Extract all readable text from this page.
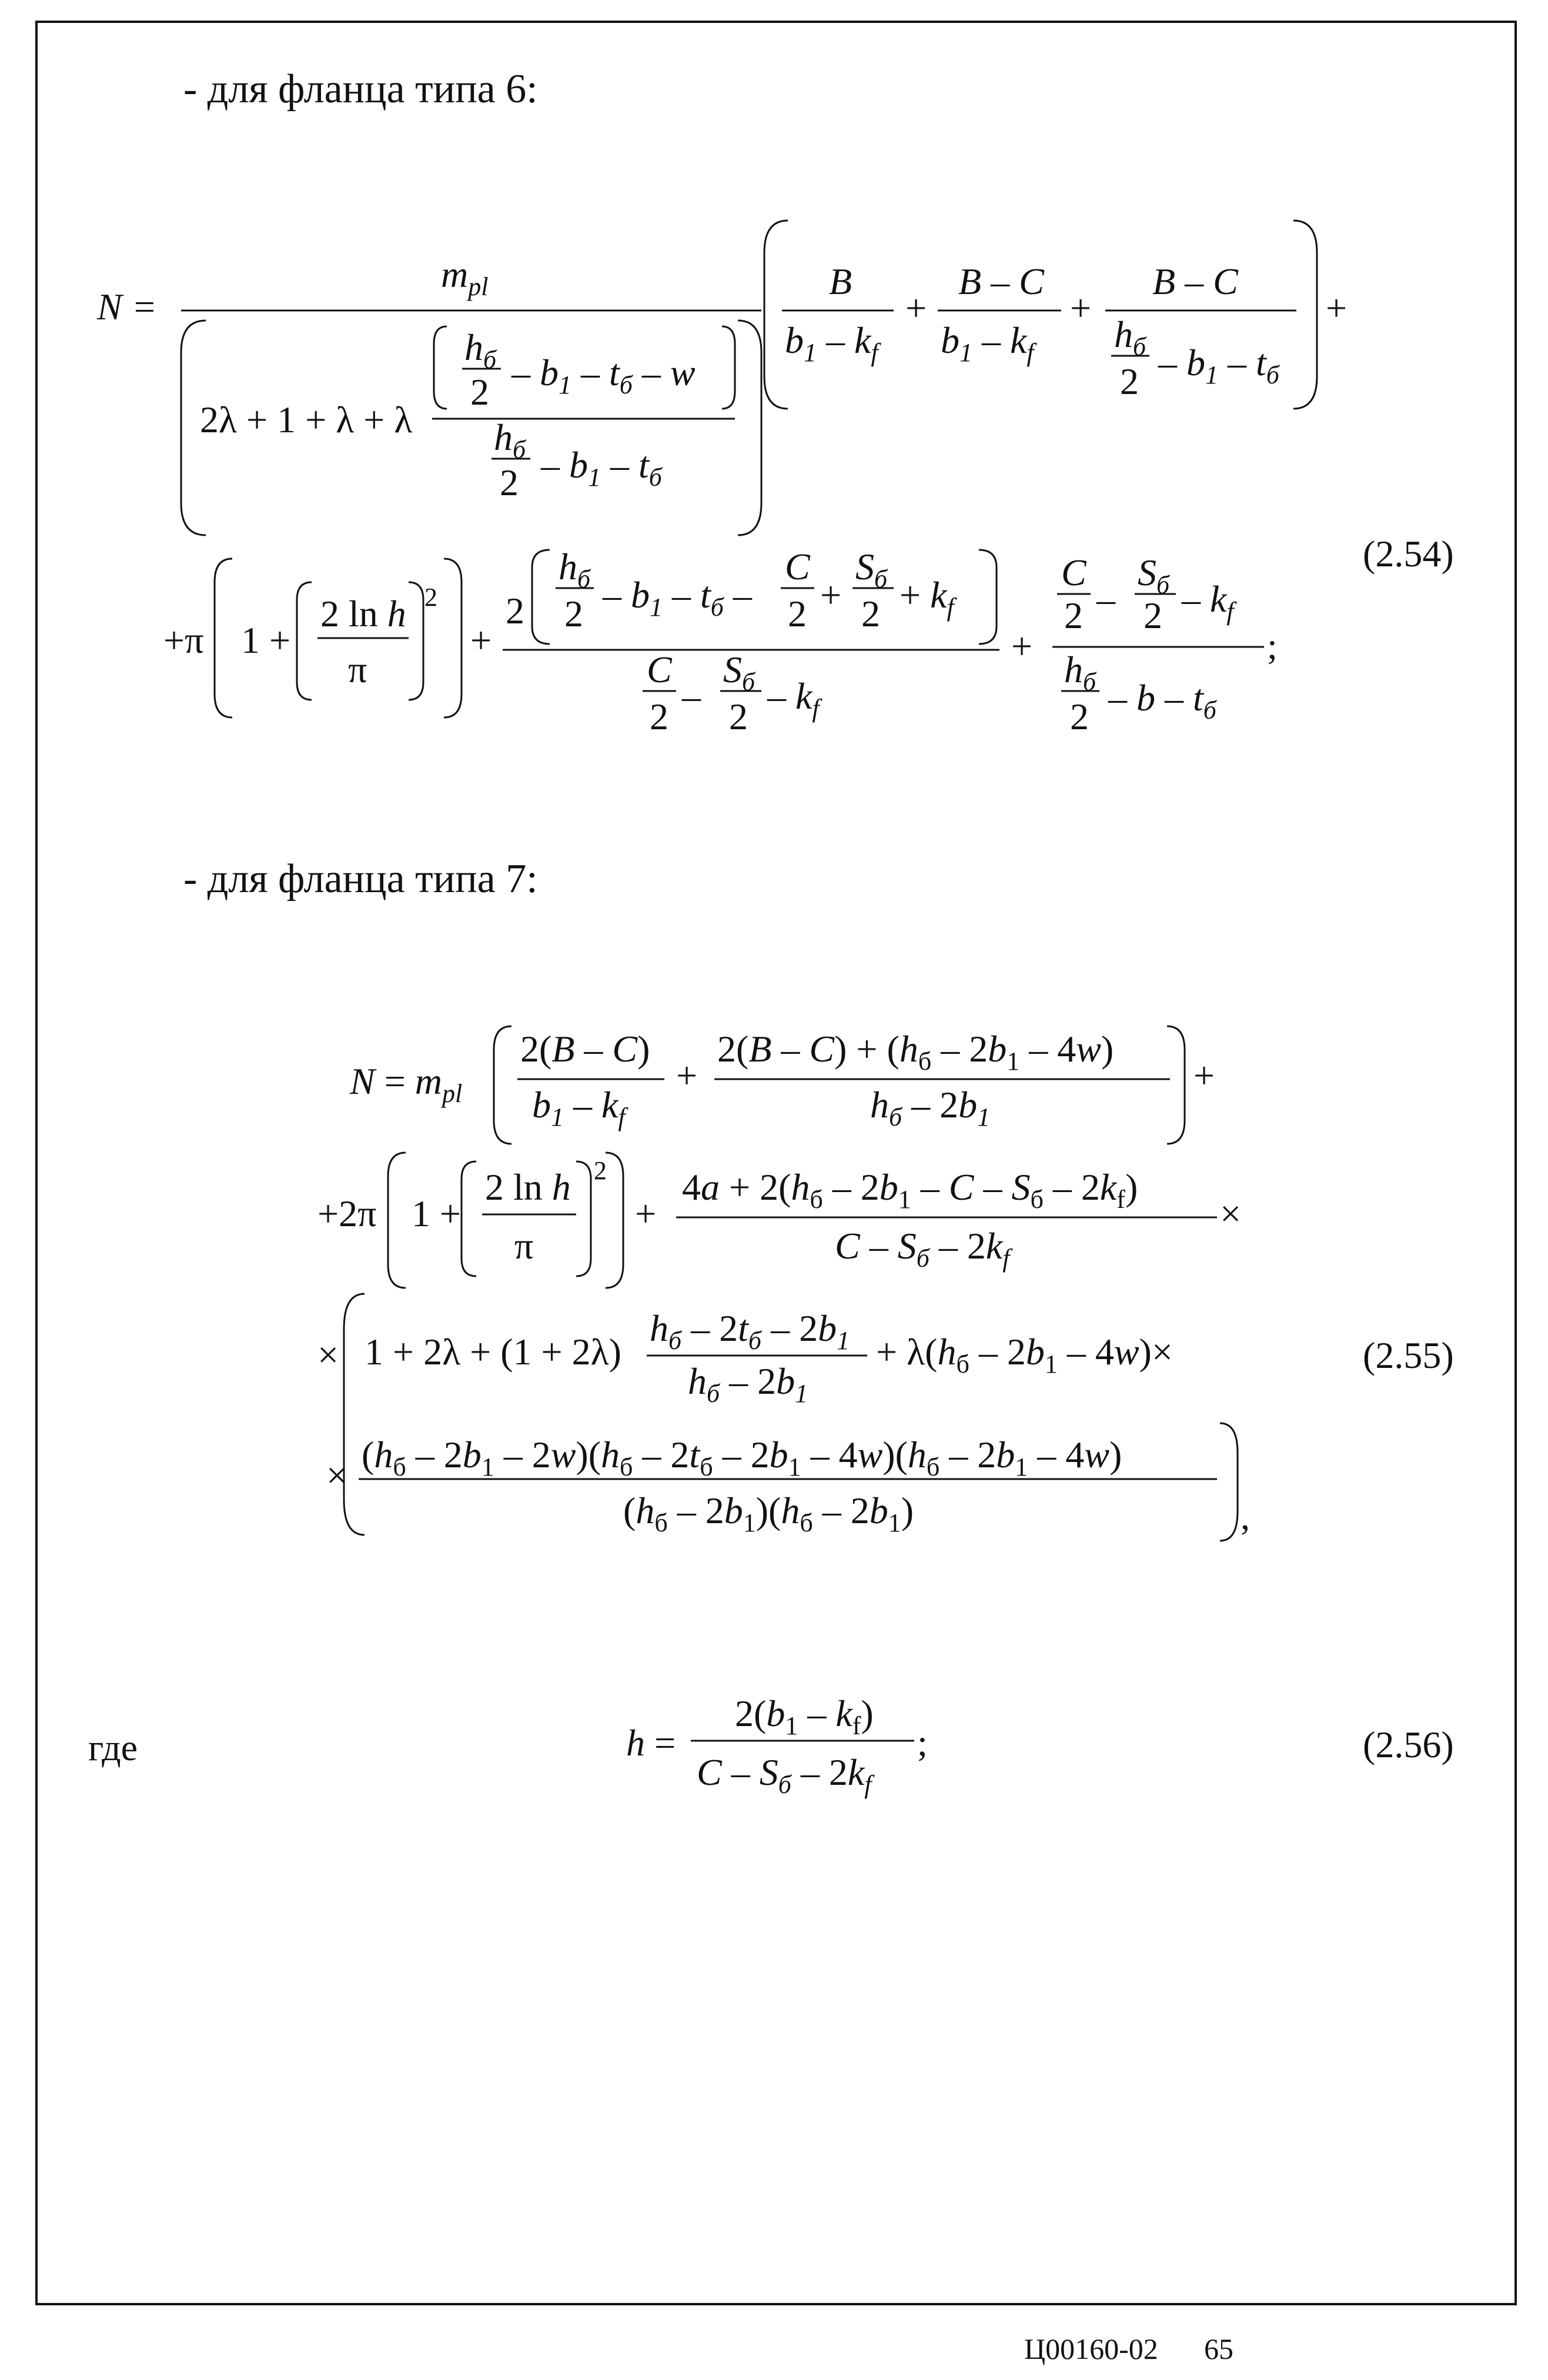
- для фланца типа 6:
- для фланца типа 7:
(2.54)
(2.55)
(2.56)
где
Ц00160-02 65
N =
$m_{pl}$
2λ + 1 + λ + λ
$h_б$
$2 - b_1 - t_б$ – w
$h_б$
$2 - b_1 - t_б$
B
$b_1 - k_f$
+
B – C
$b_1 - k_f$
+
B – C
$h_б$
$2 - b_1 - t_б$
+
+π 1 +
2 ln h
π
2
+
2
$h_б$
$2 - b_1 - t_б$ –
C
2 +
$S_б$
$2 + k_f$
C
2 –
$S_б$
$2 - k_f$
+
C
2 –
$S_б$
$2 - k_f$
$h_б$
2 – b – $t_б$
;
$N = m_{pl}$
2(B – C)
$b_1 - k_f$
+
$2(B - C) + (h_б - 2b_1 - 4w)$
$h_б - 2b_1$
+
+2π 1 +
2 ln h
π
2
+
$4a + 2(h_б - 2b_1 - C - S_б - 2k_f)$
C – $S_б - 2k_f$
×
× 1 + 2λ + (1 + 2λ)
$h_б - 2t_б - 2b_1$
$h_б - 2b_1$
+ $\lambda(h_б - 2b_1 - 4w)\times$
× $(h_б - 2b_1 - 2w)(h_б - 2t_б - 2b_1 - 4w)(h_б - 2b_1 - 4w)$
$(h_б - 2b_1)(h_б - 2b_1)$	,
h =
$2(b_1 - k_f)$
C – $S_б - 2k_f$
;
